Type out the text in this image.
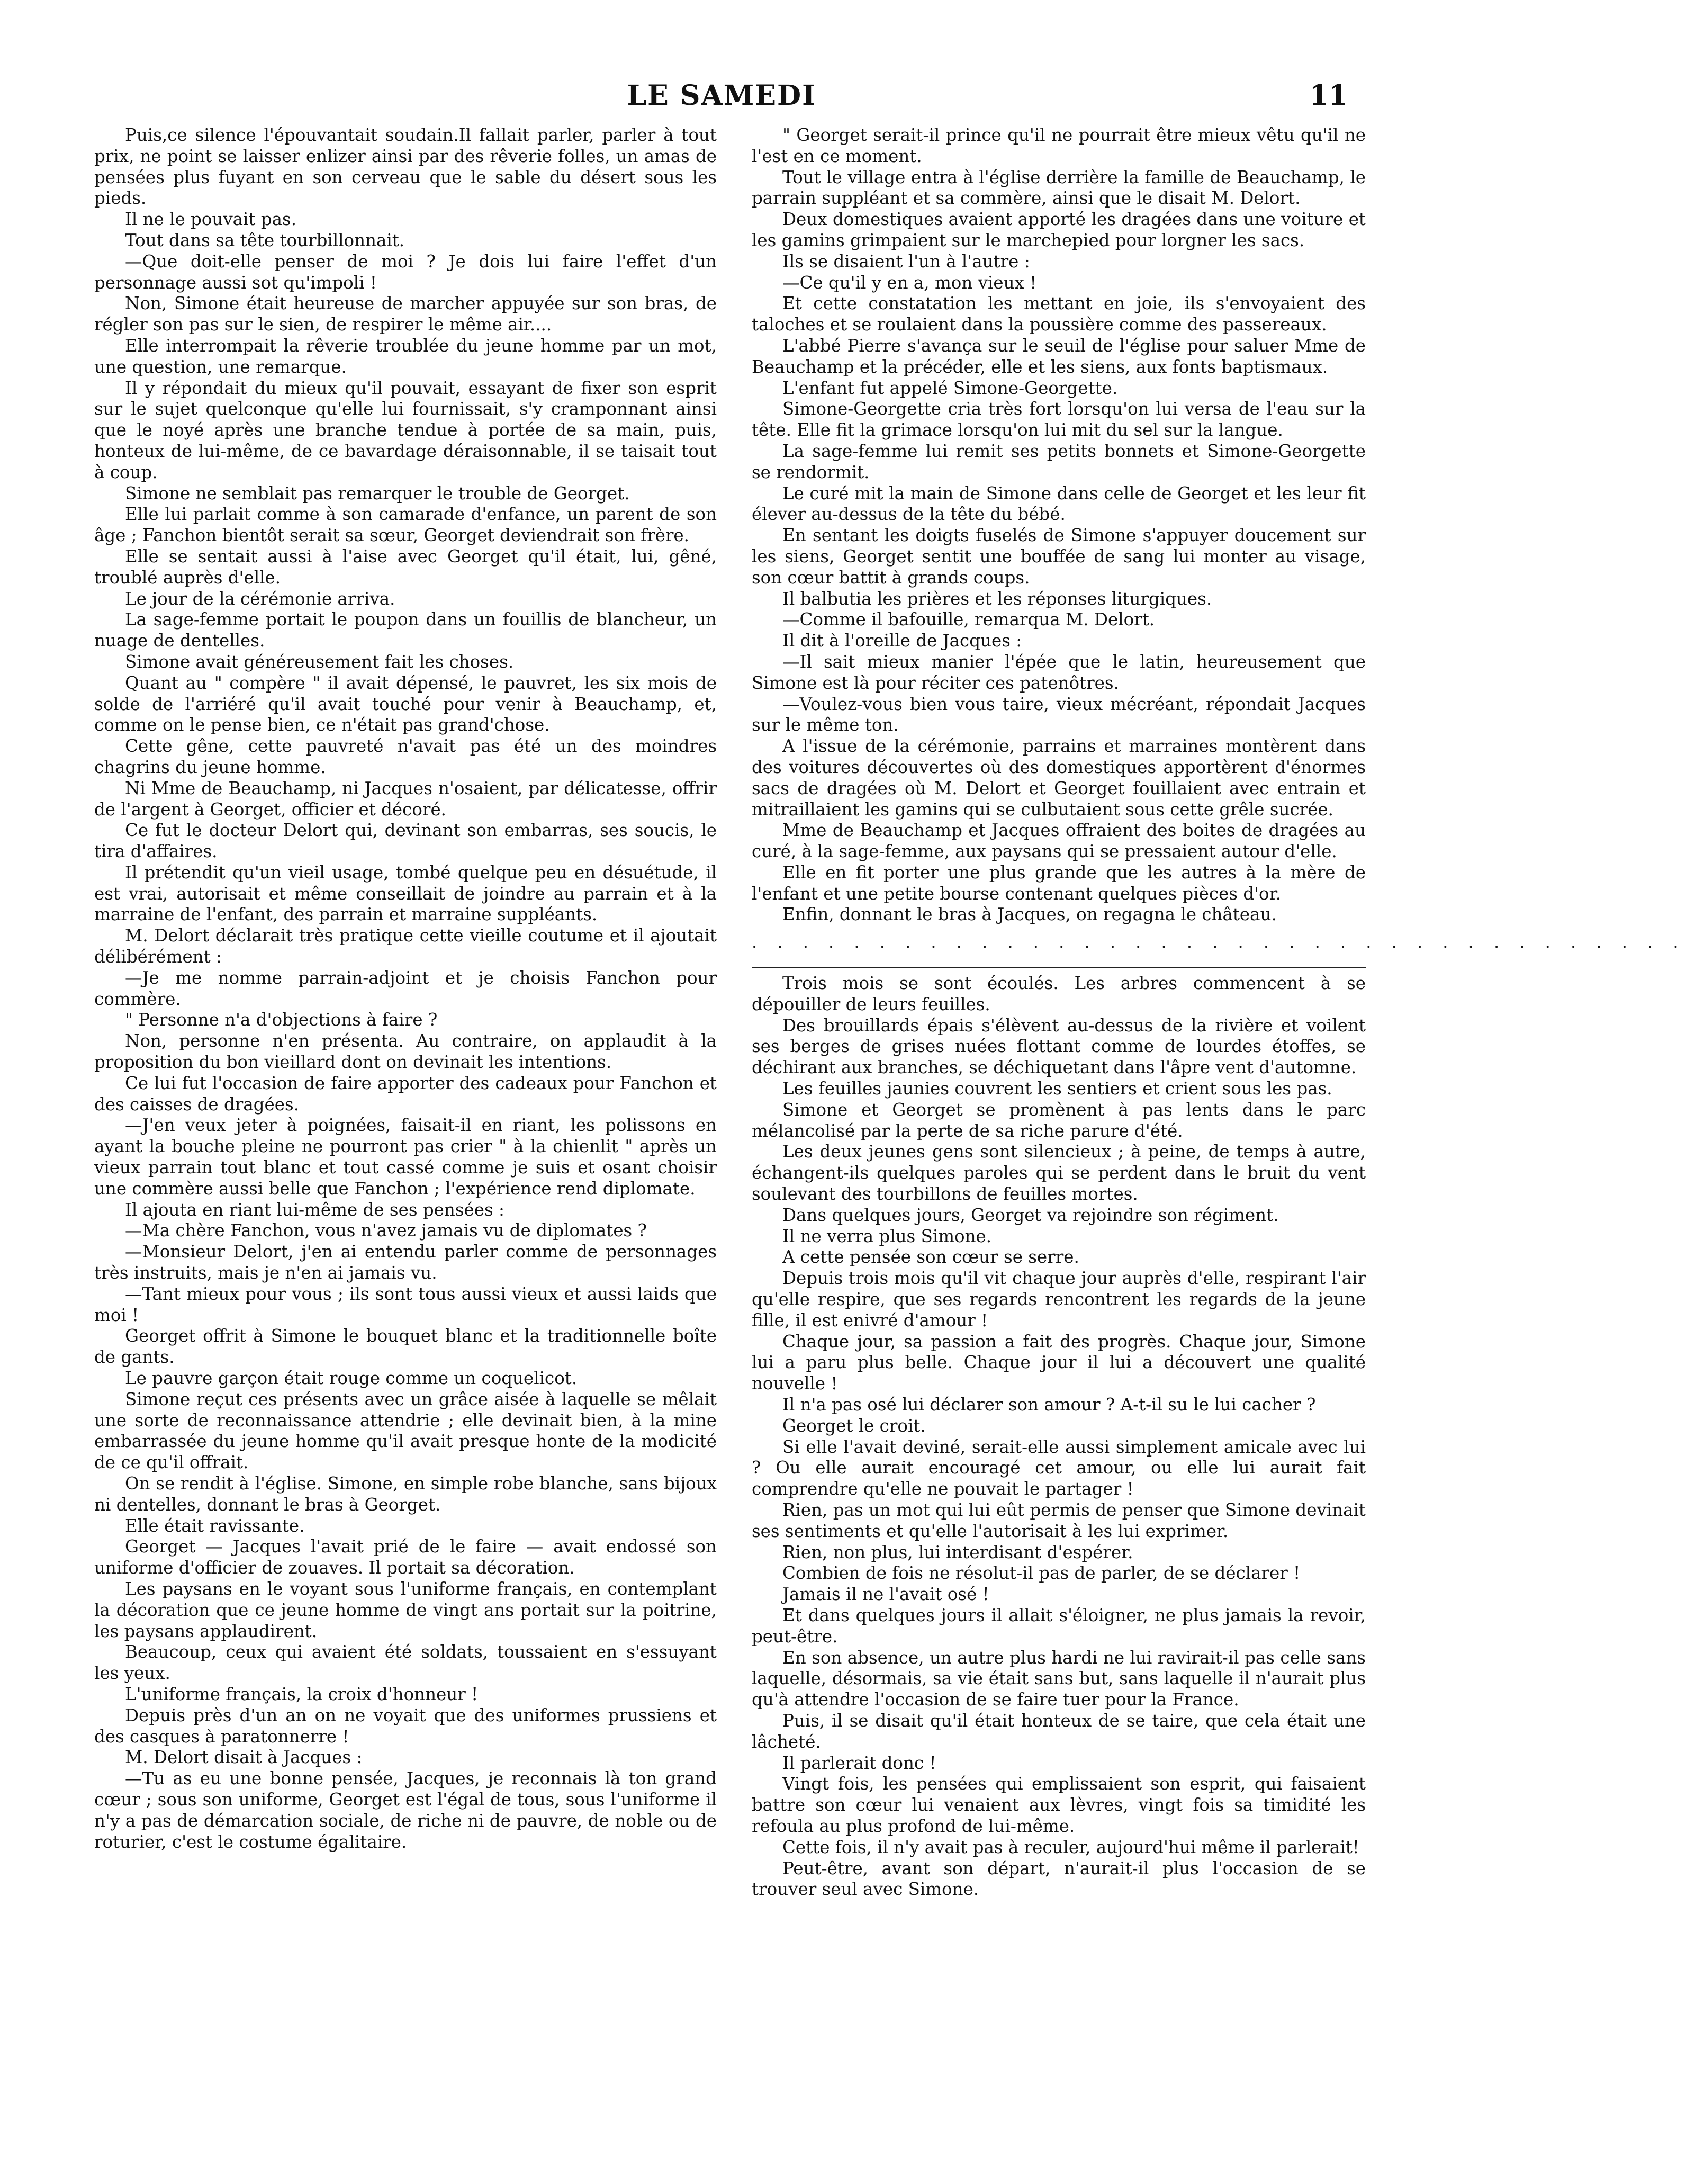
LE SAMEDI	11

Puis,ce silence l'épouvantait soudain.Il fallait parler, parler à tout prix, ne point se laisser enlizer ainsi par des rêverie folles, un amas de pensées plus fuyant en son cerveau que le sable du désert sous les pieds.

Il ne le pouvait pas.

Tout dans sa tête tourbillonnait.

—Que doit-elle penser de moi ? Je dois lui faire l'effet d'un personnage aussi sot qu'impoli !

Non, Simone était heureuse de marcher appuyée sur son bras, de régler son pas sur le sien, de respirer le même air....

Elle interrompait la rêverie troublée du jeune homme par un mot, une question, une remarque.

Il y répondait du mieux qu'il pouvait, essayant de fixer son esprit sur le sujet quelconque qu'elle lui fournissait, s'y cramponnant ainsi que le noyé après une branche tendue à portée de sa main, puis, honteux de lui-même, de ce bavardage déraisonnable, il se taisait tout à coup.

Simone ne semblait pas remarquer le trouble de Georget.

Elle lui parlait comme à son camarade d'enfance, un parent de son âge ; Fanchon bientôt serait sa sœur, Georget deviendrait son frère.

Elle se sentait aussi à l'aise avec Georget qu'il était, lui, gêné, troublé auprès d'elle.

Le jour de la cérémonie arriva.

La sage-femme portait le poupon dans un fouillis de blancheur, un nuage de dentelles.

Simone avait généreusement fait les choses.

Quant au " compère " il avait dépensé, le pauvret, les six mois de solde de l'arriéré qu'il avait touché pour venir à Beauchamp, et, comme on le pense bien, ce n'était pas grand'chose.

Cette gêne, cette pauvreté n'avait pas été un des moindres chagrins du jeune homme.

Ni Mme de Beauchamp, ni Jacques n'osaient, par délicatesse, offrir de l'argent à Georget, officier et décoré.

Ce fut le docteur Delort qui, devinant son embarras, ses soucis, le tira d'affaires.

Il prétendit qu'un vieil usage, tombé quelque peu en désuétude, il est vrai, autorisait et même conseillait de joindre au parrain et à la marraine de l'enfant, des parrain et marraine suppléants.

M. Delort déclarait très pratique cette vieille coutume et il ajoutait délibérément :

—Je me nomme parrain-adjoint et je choisis Fanchon pour commère.

" Personne n'a d'objections à faire ?

Non, personne n'en présenta. Au contraire, on applaudit à la proposition du bon vieillard dont on devinait les intentions.

Ce lui fut l'occasion de faire apporter des cadeaux pour Fanchon et des caisses de dragées.

—J'en veux jeter à poignées, faisait-il en riant, les polissons en ayant la bouche pleine ne pourront pas crier " à la chienlit " après un vieux parrain tout blanc et tout cassé comme je suis et osant choisir une commère aussi belle que Fanchon ; l'expérience rend diplomate.

Il ajouta en riant lui-même de ses pensées :

—Ma chère Fanchon, vous n'avez jamais vu de diplomates ?

—Monsieur Delort, j'en ai entendu parler comme de personnages très instruits, mais je n'en ai jamais vu.

—Tant mieux pour vous ; ils sont tous aussi vieux et aussi laids que moi !

Georget offrit à Simone le bouquet blanc et la traditionnelle boîte de gants.

Le pauvre garçon était rouge comme un coquelicot.

Simone reçut ces présents avec un grâce aisée à laquelle se mêlait une sorte de reconnaissance attendrie ; elle devinait bien, à la mine embarrassée du jeune homme qu'il avait presque honte de la modicité de ce qu'il offrait.

On se rendit à l'église. Simone, en simple robe blanche, sans bijoux ni dentelles, donnant le bras à Georget.

Elle était ravissante.

Georget — Jacques l'avait prié de le faire — avait endossé son uniforme d'officier de zouaves. Il portait sa décoration.

Les paysans en le voyant sous l'uniforme français, en contemplant la décoration que ce jeune homme de vingt ans portait sur la poitrine, les paysans applaudirent.

Beaucoup, ceux qui avaient été soldats, toussaient en s'essuyant les yeux.

L'uniforme français, la croix d'honneur !

Depuis près d'un an on ne voyait que des uniformes prussiens et des casques à paratonnerre !

M. Delort disait à Jacques :

—Tu as eu une bonne pensée, Jacques, je reconnais là ton grand cœur ; sous son uniforme, Georget est l'égal de tous, sous l'uniforme il n'y a pas de démarcation sociale, de riche ni de pauvre, de noble ou de roturier, c'est le costume égalitaire.

" Georget serait-il prince qu'il ne pourrait être mieux vêtu qu'il ne l'est en ce moment.

Tout le village entra à l'église derrière la famille de Beauchamp, le parrain suppléant et sa commère, ainsi que le disait M. Delort.

Deux domestiques avaient apporté les dragées dans une voiture et les gamins grimpaient sur le marchepied pour lorgner les sacs.

Ils se disaient l'un à l'autre :

—Ce qu'il y en a, mon vieux !

Et cette constatation les mettant en joie, ils s'envoyaient des taloches et se roulaient dans la poussière comme des passereaux.

L'abbé Pierre s'avança sur le seuil de l'église pour saluer Mme de Beauchamp et la précéder, elle et les siens, aux fonts baptismaux.

L'enfant fut appelé Simone-Georgette.

Simone-Georgette cria très fort lorsqu'on lui versa de l'eau sur la tête. Elle fit la grimace lorsqu'on lui mit du sel sur la langue.

La sage-femme lui remit ses petits bonnets et Simone-Georgette se rendormit.

Le curé mit la main de Simone dans celle de Georget et les leur fit élever au-dessus de la tête du bébé.

En sentant les doigts fuselés de Simone s'appuyer doucement sur les siens, Georget sentit une bouffée de sang lui monter au visage, son cœur battit à grands coups.

Il balbutia les prières et les réponses liturgiques.

—Comme il bafouille, remarqua M. Delort.

Il dit à l'oreille de Jacques :

—Il sait mieux manier l'épée que le latin, heureusement que Simone est là pour réciter ces patenôtres.

—Voulez-vous bien vous taire, vieux mécréant, répondait Jacques sur le même ton.

A l'issue de la cérémonie, parrains et marraines montèrent dans des voitures découvertes où des domestiques apportèrent d'énormes sacs de dragées où M. Delort et Georget fouillaient avec entrain et mitraillaient les gamins qui se culbutaient sous cette grêle sucrée.

Mme de Beauchamp et Jacques offraient des boites de dragées au curé, à la sage-femme, aux paysans qui se pressaient autour d'elle.

Elle en fit porter une plus grande que les autres à la mère de l'enfant et une petite bourse contenant quelques pièces d'or.

Enfin, donnant le bras à Jacques, on regagna le château.

. . . . . . . . . . . . . . . . . . . . . . . . . . . . . . . . . . . . .

Trois mois se sont écoulés. Les arbres commencent à se dépouiller de leurs feuilles.

Des brouillards épais s'élèvent au-dessus de la rivière et voilent ses berges de grises nuées flottant comme de lourdes étoffes, se déchirant aux branches, se déchiquetant dans l'âpre vent d'automne.

Les feuilles jaunies couvrent les sentiers et crient sous les pas.

Simone et Georget se promènent à pas lents dans le parc mélancolisé par la perte de sa riche parure d'été.

Les deux jeunes gens sont silencieux ; à peine, de temps à autre, échangent-ils quelques paroles qui se perdent dans le bruit du vent soulevant des tourbillons de feuilles mortes.

Dans quelques jours, Georget va rejoindre son régiment.

Il ne verra plus Simone.

A cette pensée son cœur se serre.

Depuis trois mois qu'il vit chaque jour auprès d'elle, respirant l'air qu'elle respire, que ses regards rencontrent les regards de la jeune fille, il est enivré d'amour !

Chaque jour, sa passion a fait des progrès. Chaque jour, Simone lui a paru plus belle. Chaque jour il lui a découvert une qualité nouvelle !

Il n'a pas osé lui déclarer son amour ? A-t-il su le lui cacher ?

Georget le croit.

Si elle l'avait deviné, serait-elle aussi simplement amicale avec lui ? Ou elle aurait encouragé cet amour, ou elle lui aurait fait comprendre qu'elle ne pouvait le partager !

Rien, pas un mot qui lui eût permis de penser que Simone devinait ses sentiments et qu'elle l'autorisait à les lui exprimer.

Rien, non plus, lui interdisant d'espérer.

Combien de fois ne résolut-il pas de parler, de se déclarer !

Jamais il ne l'avait osé !

Et dans quelques jours il allait s'éloigner, ne plus jamais la revoir, peut-être.

En son absence, un autre plus hardi ne lui ravirait-il pas celle sans laquelle, désormais, sa vie était sans but, sans laquelle il n'aurait plus qu'à attendre l'occasion de se faire tuer pour la France.

Puis, il se disait qu'il était honteux de se taire, que cela était une lâcheté.

Il parlerait donc !

Vingt fois, les pensées qui emplissaient son esprit, qui faisaient battre son cœur lui venaient aux lèvres, vingt fois sa timidité les refoula au plus profond de lui-même.

Cette fois, il n'y avait pas à reculer, aujourd'hui même il parlerait!

Peut-être, avant son départ, n'aurait-il plus l'occasion de se trouver seul avec Simone.
